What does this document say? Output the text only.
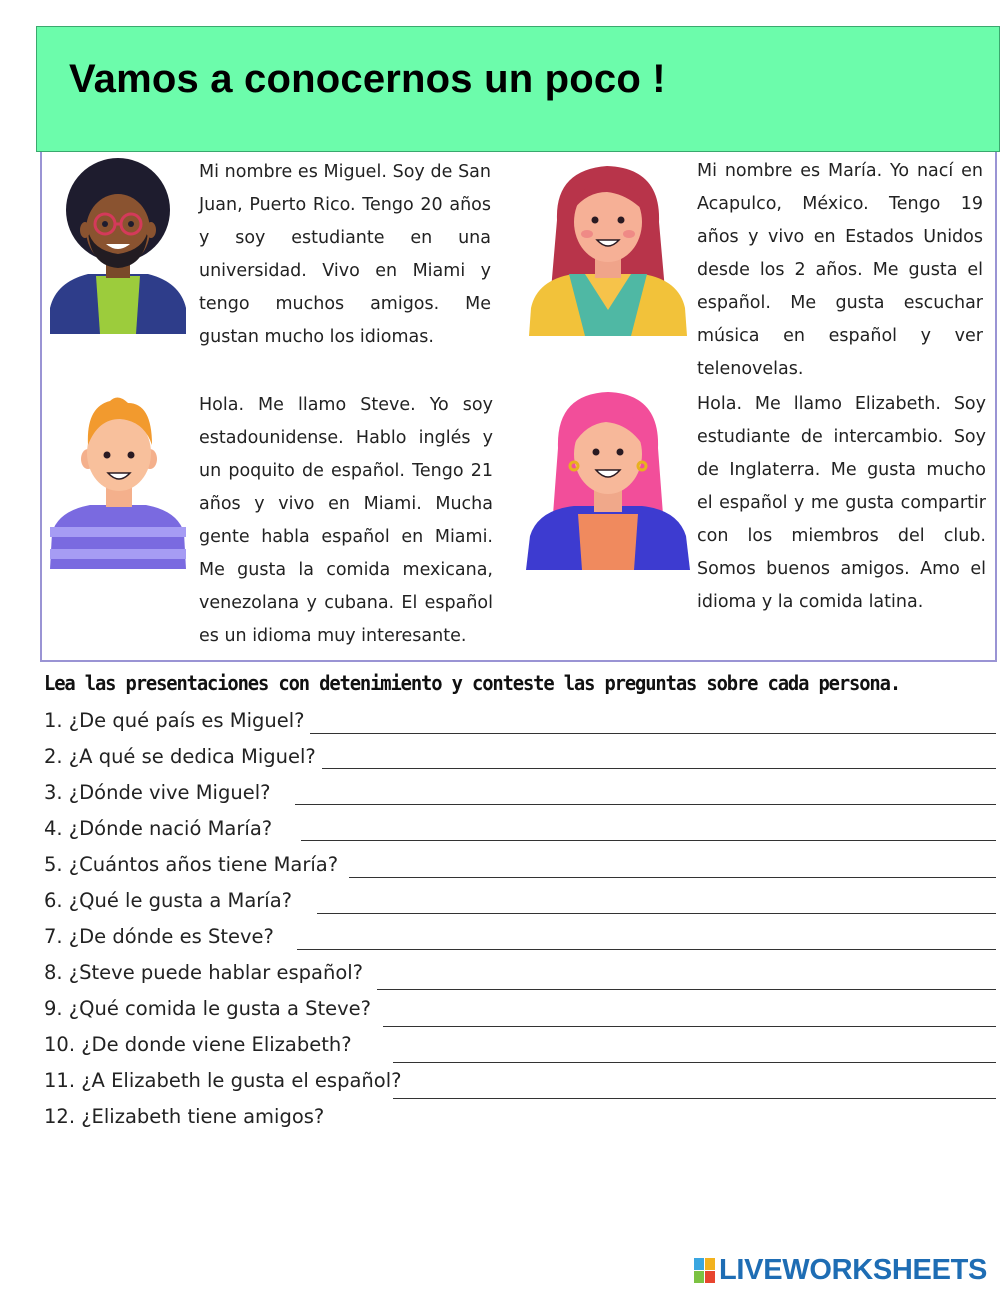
Vamos a conocernos un poco !

Mi nombre es Miguel. Soy de San Juan, Puerto Rico. Tengo 20 años y soy estudiante en una universidad. Vivo en Miami y tengo muchos amigos. Me gustan mucho los idiomas.

Mi nombre es María. Yo nací en Acapulco, México. Tengo 19 años y vivo en Estados Unidos desde los 2 años. Me gusta el español. Me gusta escuchar música en español y ver telenovelas.

Hola. Me llamo Steve. Yo soy estadounidense. Hablo inglés y un poquito de español. Tengo 21 años y vivo en Miami. Mucha gente habla español en Miami. Me gusta la comida mexicana, venezolana y cubana. El español es un idioma muy interesante.

Hola. Me llamo Elizabeth. Soy estudiante de intercambio. Soy de Inglaterra. Me gusta mucho el español y me gusta compartir con los miembros del club. Somos buenos amigos. Amo el idioma y la comida latina.

Lea las presentaciones con detenimiento y conteste las preguntas sobre cada persona.

1. ¿De qué país es Miguel?
2. ¿A qué se dedica Miguel?
3. ¿Dónde vive Miguel?
4. ¿Dónde nació María?
5. ¿Cuántos años tiene María?
6. ¿Qué le gusta a María?
7. ¿De dónde es Steve?
8. ¿Steve puede hablar español?
9. ¿Qué comida le gusta a Steve?
10. ¿De donde viene Elizabeth?
11. ¿A Elizabeth le gusta el español?
12. ¿Elizabeth tiene amigos?
LIVEWORKSHEETS
